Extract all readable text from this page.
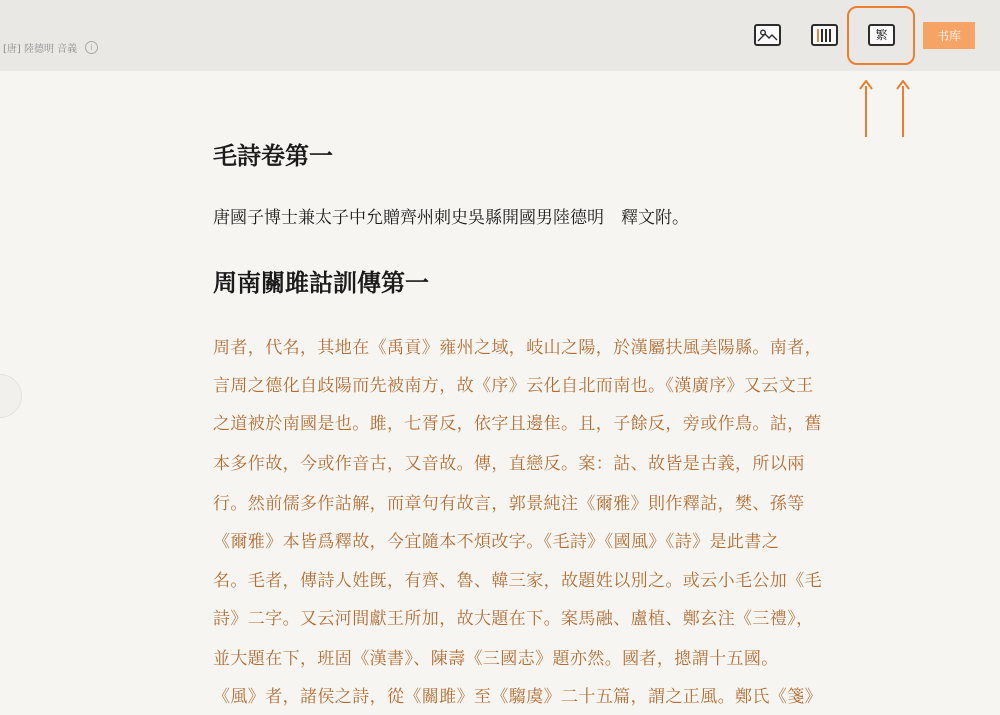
[唐] 陸德明 音義	i
繁	书库
毛詩卷第一
唐國子博士兼太子中允贈齊州刺史吳縣開國男陸德明　釋文附。
周南關雎詁訓傳第一

周者，代名，其地在《禹貢》雍州之域，岐山之陽，於漢屬扶風美陽縣。南者，

言周之德化自歧陽而先被南方，故《序》云化自北而南也。《漢廣序》又云文王

之道被於南國是也。雎，七胥反，依字且邊隹。且，子餘反，旁或作鳥。詁，舊

本多作故，今或作音古，又音故。傳，直戀反。案：詁、故皆是古義，所以兩

行。然前儒多作詁解，而章句有故言，郭景純注《爾雅》則作釋詁，樊、孫等

《爾雅》本皆爲釋故，今宜隨本不煩改字。《毛詩》《國風》《詩》是此書之

名。毛者，傳詩人姓旣，有齊、魯、韓三家，故題姓以別之。或云小毛公加《毛

詩》二字。又云河間獻王所加，故大題在下。案馬融、盧植、鄭玄注《三禮》，

並大題在下，班固《漢書》、陳壽《三國志》題亦然。國者，摠謂十五國。

《風》者，諸侯之詩，從《關雎》至《騶虞》二十五篇，謂之正風。鄭氏《箋》
